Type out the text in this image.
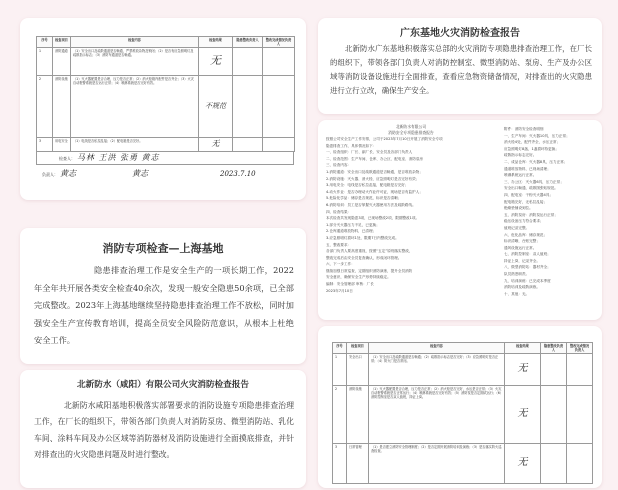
序号	检查项目	检查内容	检查结果	隐患整改负责人	整改完成情况负责人
1	消防通道	（1）安全出口及疏散通道是否畅通，严禁堆放杂物及锁闭；（2）是否有应急照明灯及疏散指示标志；（3）消防车通道是否畅通。	无		
2	消防设施	（1）灭火器配置是否合理，压力是否正常；（2）消火栓箱内配件是否齐全；（3）火灾自动报警系统是否运行正常；（4）喷淋系统是否完好有效。	不规范		
3	用电安全	（1）电线是否私拉乱接；（2）配电箱是否完好。	无		
检查人： 马林 王洪 张勇 黄志
负责人： 黄志	黄志	2023.7.10
广东基地火灾消防检查报告
北新防水广东基地积极落实总部的火灾消防专项隐患排查治理工作，在厂长的组织下，带领各部门负责人对消防控制室、微型消防站、泵房、生产及办公区域等消防设备设施进行全面排查，查看应急物资储备情况，对排查出的火灾隐患进行立行立改，确保生产安全。
北新防水有限公司
消防安全专项隐患排查报告
按照公司安全生产工作安排，公司于2023年7月10日开展了消防安全专项
隐患排查工作，具体情况如下：
一、检查组织：厂长、副厂长、安全员及各部门负责人
二、检查范围：生产车间、仓库、办公区、配电室、消防泵房
三、检查内容：
1.消防通道：安全出口及疏散通道是否畅通，是否堆放杂物；
2.消防设施：灭火器、消火栓、应急照明灯是否完好有效；
3.用电安全：电线是否私拉乱接，配电箱是否完好；
4.动火作业：是否办理动火作业许可证，现场是否有监护人；
5.危险化学品：储存是否规范，标识是否清晰；
6.消防培训：员工是否掌握灭火器使用方法及疏散路线。
四、检查结果：
本次检查共发现隐患3项，已现场整改2项，限期整改1项。
1.部分灭火器压力不足，已更换；
2.仓库通道堆放物料，已清理；
3.应急照明灯损坏1处，限期7日内整改完成。
五、整改要求：
各部门负责人要高度重视，按照“五定”原则落实整改，
整改完成后由安全员复查确认，形成闭环管理。
六、下一步工作：
继续加强日常巡查，定期组织消防演练，提升全员消防
安全意识，确保安全生产形势持续稳定。
编制：安全管理部 审核：厂长
2023年7月10日
附件：消防安全检查明细
一、生产车间：灭火器10具，压力正常；
消火栓4处，配件齐全，水压正常；
应急照明灯8盏，1盏损坏待更换；
疏散指示标志完好。
二、成品仓库：灭火器8具，压力正常；
通道堆放物料，已现场清理；
喷淋系统运行正常。
三、办公区：灭火器6具，压力正常；
安全出口畅通，疏散图张贴规范。
四、配电室：干粉灭火器4具；
配电箱完好，无私拉乱接；
绝缘垫铺设到位。
五、消防泵房：消防泵运行正常；
稳压设备压力符合要求；
值班记录完整。
六、危化品库：储存规范；
标识清晰，台账完整；
通风设施运行正常。
七、消防控制室：双人值班；
持证上岗，记录齐全。
八、微型消防站：器材齐全；
队员熟悉职责。
九、培训演练：已完成本季度
消防培训及疏散演练。
十、其他：无。
序号	检查项目	检查内容	检查结果	隐患整改负责人	整改完成情况负责人
1	安全出口	（1）安全出口及疏散通道是否畅通；（2）疏散指示标志是否完好；（3）应急照明灯是否正常；（4）防火门是否常闭。	无		
2	消防设施	（1）灭火器配置是否合理，压力是否正常；（2）消火栓是否完好，水压是否正常；（3）火灾自动报警系统是否正常运行；（4）喷淋系统是否完好有效；（5）消防泵是否定期试运行；（6）消防控制室是否双人值班，持证上岗。	无		
3	日常管理	（1）是否建立消防安全管理制度；（2）是否定期开展消防培训及演练；（3）是否落实防火巡查检查。	无		
消防专项检查—上海基地
隐患排查治理工作是安全生产的一项长期工作，2022年全年共开展各类安全检查40余次，发现一般安全隐患50余项，已全部完成整改。2023年上海基地继续坚持隐患排查治理工作不放松，同时加强安全生产宣传教育培训，提高全员安全风险防范意识，从根本上杜绝安全工作。
北新防水（咸阳）有限公司火灾消防检查报告
北新防水咸阳基地积极落实部署要求的消防设施专项隐患排查治理工作，在厂长的组织下，带领各部门负责人对消防泵房、微型消防站、乳化车间、涂料车间及办公区域等消防器材及消防设施进行全面摸底排查，并针对排查出的火灾隐患问题及时进行整改。
